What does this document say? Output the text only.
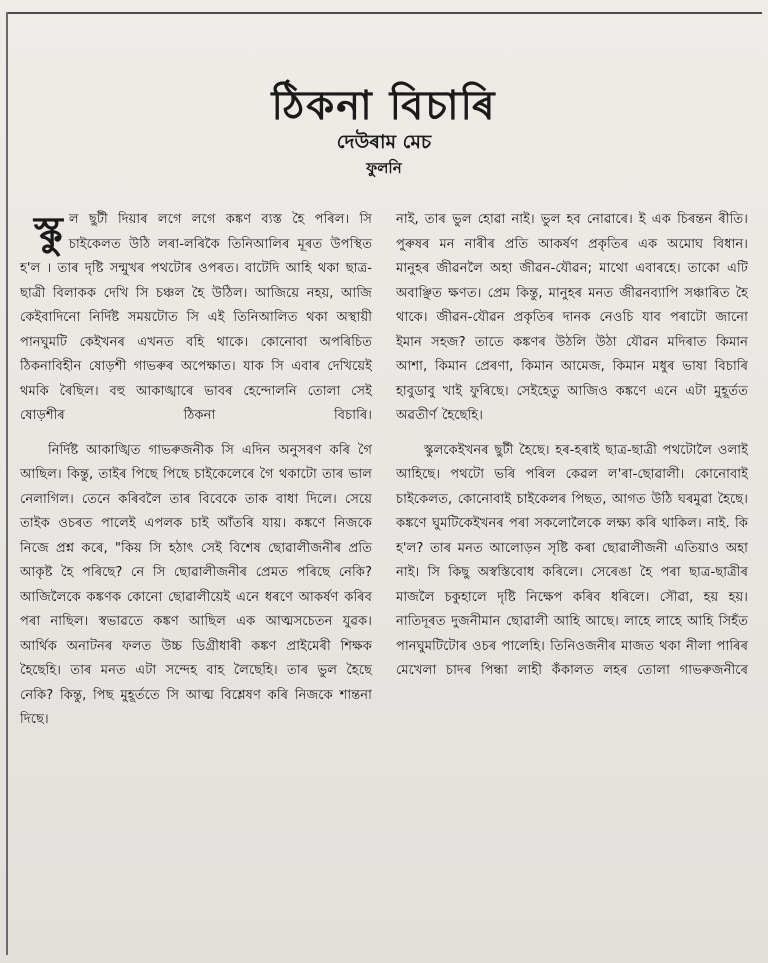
ঠিকনা বিচাৰি
দেউৰাম মেচ
ফুলনি

স্কু ল ছুটী দিয়াৰ লগে লগে কঙ্কণ ব্যস্ত হৈ পৰিল। সি চাইকেলত উঠি লৰা-লৰিকৈ তিনিআলিৰ মূৰত উপস্থিত হ'ল । তাৰ দৃষ্টি সন্মুখৰ পথটোৰ ওপৰত। বাটেদি আহি থকা ছাত্ৰ-ছাত্ৰী বিলাকক দেখি সি চঞ্চল হৈ উঠিল। আজিয়ে নহয়, আজি কেইবাদিনো নিৰ্দিষ্ট সময়টোত সি এই তিনিআলিত থকা অস্থায়ী পানঘুমটি কেইখনৰ এখনত বহি থাকে। কোনোবা অপৰিচিত ঠিকনাবিহীন ষোড়শী গাভৰুৰ অপেক্ষাত। যাক সি এবাৰ দেখিয়েই থমকি ৰৈছিল। বহু আকাঙ্খাৰে ভাবৰ হেন্দোলনি তোলা সেই ষোড়শীৰ ঠিকনা বিচাৰি।

নিৰ্দিষ্ট আকাঙ্খিত গাভৰুজনীক সি এদিন অনুসৰণ কৰি গৈ আছিল। কিন্তু, তাইৰ পিছে পিছে চাইকেলেৰে গৈ থকাটো তাৰ ভাল নেলাগিল। তেনে কৰিবলৈ তাৰ বিবেকে তাক বাধা দিলে। সেয়ে তাইক ওচৰত পালেই এপলক চাই আঁতৰি যায়। কঙ্কণে নিজকে নিজে প্ৰশ্ন কৰে, "কিয় সি হঠাৎ সেই বিশেষ ছোৱালীজনীৰ প্ৰতি আকৃষ্ট হৈ পৰিছে? নে সি ছোৱালীজনীৰ প্ৰেমত পৰিছে নেকি? আজিলৈকে কঙ্কণক কোনো ছোৱালীয়েই এনে ধৰণে আকৰ্ষণ কৰিব পৰা নাছিল। স্বভাৱতে কঙ্কণ আছিল এক আত্মসচেতন যুৱক। আৰ্থিক অনাটনৰ ফলত উচ্চ ডিগ্ৰীধাৰী কঙ্কণ প্ৰাইমেৰী শিক্ষক হৈছেহি। তাৰ মনত এটা সন্দেহ বাহ লৈছেহি। তাৰ ভুল হৈছে নেকি? কিন্তু, পিছ মুহূৰ্ততে সি আত্ম বিশ্লেষণ কৰি নিজকে শান্তনা দিছে।

নাই, তাৰ ভুল হোৱা নাই। ভুল হব নোৱাৰে। ই এক চিৰন্তন ৰীতি। পুৰুষৰ মন নাৰীৰ প্ৰতি আকৰ্ষণ প্ৰকৃতিৰ এক অমোঘ বিধান। মানুহৰ জীৱনলৈ অহা জীৱন-যৌৱন; মাথো এবাৰহে। তাকো এটি অবাঞ্ছিত ক্ষণত। প্ৰেম কিন্তু, মানুহৰ মনত জীৱনব্যাপি সঞ্চাৰিত হৈ থাকে। জীৱন-যৌৱন প্ৰকৃতিৰ দানক নেওচি যাব পৰাটো জানো ইমান সহজ? তাতে কঙ্কণৰ উঠলি উঠা যৌৱন মদিৰাত কিমান আশা, কিমান প্ৰেৰণা, কিমান আমেজ, কিমান মধুৰ ভাষা বিচাৰি হাবুডাবু খাই ফুৰিছে। সেইহেতু আজিও কঙ্কণে এনে এটা মুহূৰ্তত অৱতীৰ্ণ হৈছেহি।

স্কুলকেইখনৰ ছুটী হৈছে। হৰ-হৰাই ছাত্ৰ-ছাত্ৰী পথটোলৈ ওলাই আহিছে। পথটো ভৰি পৰিল কেৱল ল'ৰা-ছোৱালী। কোনোবাই চাইকেলত, কোনোবাই চাইকেলৰ পিছত, আগত উঠি ঘৰমুৱা হৈছে। কঙ্কণে ঘুমটিকেইখনৰ পৰা সকলোলৈকে লক্ষ্য কৰি থাকিল। নাই. কি হ'ল? তাৰ মনত আলোড়ন সৃষ্টি কৰা ছোৱালীজনী এতিয়াও অহা নাই। সি কিছু অস্বস্তিবোধ কৰিলে। সেৰেঙা হৈ পৰা ছাত্ৰ-ছাত্ৰীৰ মাজলৈ চকুহালে দৃষ্টি নিক্ষেপ কৰিব ধৰিলে। সৌৱা, হয় হয়। নাতিদূৰত দুজনীমান ছোৱালী আহি আছে। লাহে লাহে আহি সিহঁত পানঘুমটিটোৰ ওচৰ পালেহি। তিনিওজনীৰ মাজত থকা নীলা পাৰিৰ মেখেলা চাদৰ পিন্ধা লাহী কঁকালত লহৰ তোলা গাভৰুজনীৰে
